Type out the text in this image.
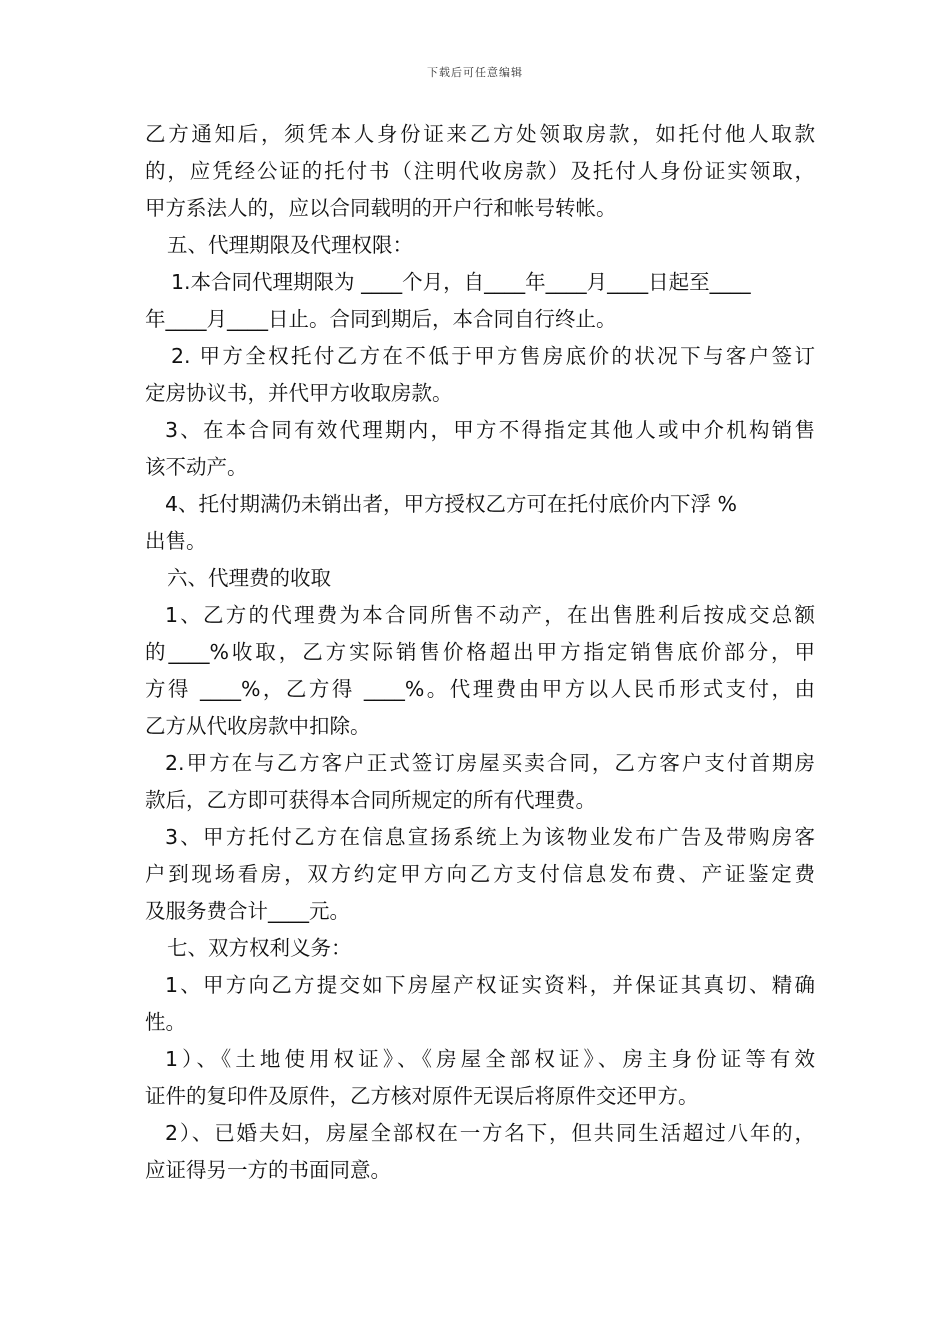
下载后可任意编辑
乙方通知后，须凭本人身份证来乙方处领取房款，如托付他人取款
的，应凭经公证的托付书（注明代收房款）及托付人身份证实领取，
甲方系法人的，应以合同载明的开户行和帐号转帐。
五、代理期限及代理权限：
1.本合同代理期限为 ____个月，自____年____月____日起至____
年____月____日止。合同到期后，本合同自行终止。
2. 甲方全权托付乙方在不低于甲方售房底价的状况下与客户签订
定房协议书，并代甲方收取房款。
3、在本合同有效代理期内，甲方不得指定其他人或中介机构销售
该不动产。
4、托付期满仍未销出者，甲方授权乙方可在托付底价内下浮 %
出售。
六、代理费的收取
1、乙方的代理费为本合同所售不动产，在出售胜利后按成交总额
的____%收取，乙方实际销售价格超出甲方指定销售底价部分，甲
方得 ____%，乙方得 ____%。代理费由甲方以人民币形式支付，由
乙方从代收房款中扣除。
2.甲方在与乙方客户正式签订房屋买卖合同，乙方客户支付首期房
款后，乙方即可获得本合同所规定的所有代理费。
3、甲方托付乙方在信息宣扬系统上为该物业发布广告及带购房客
户到现场看房，双方约定甲方向乙方支付信息发布费、产证鉴定费
及服务费合计____元。
七、双方权利义务：
1、甲方向乙方提交如下房屋产权证实资料，并保证其真切、精确
性。
1）、《土地使用权证》、《房屋全部权证》、房主身份证等有效
证件的复印件及原件，乙方核对原件无误后将原件交还甲方。
2）、已婚夫妇，房屋全部权在一方名下，但共同生活超过八年的，
应证得另一方的书面同意。
